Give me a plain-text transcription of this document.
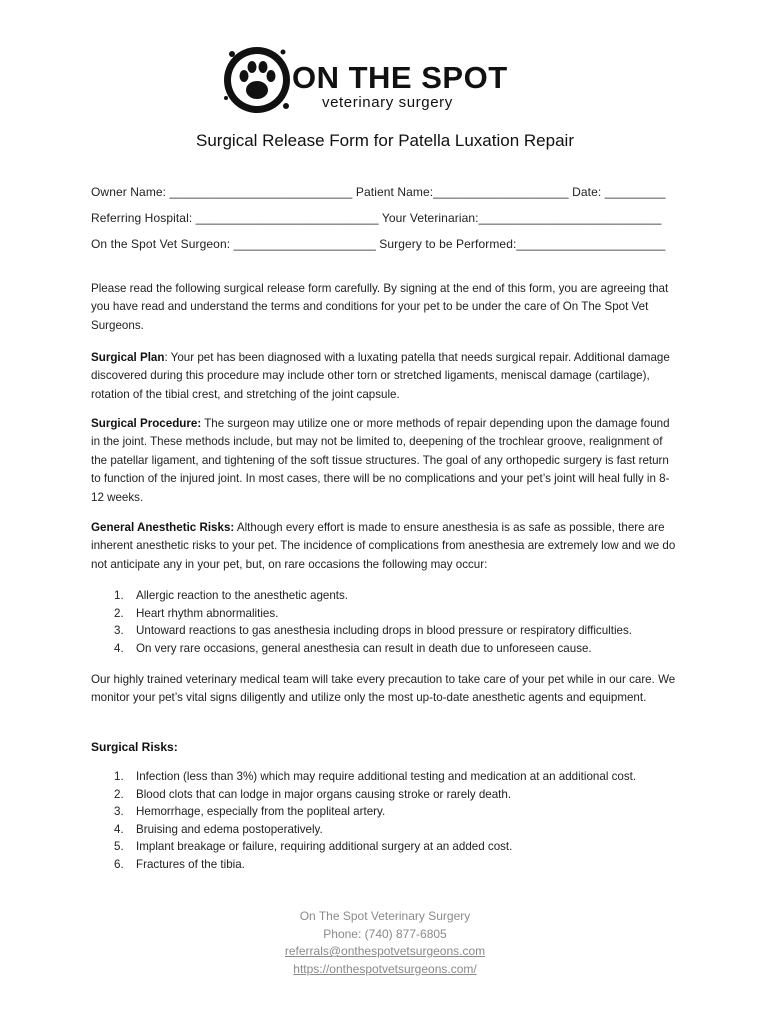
ON THE SPOT
veterinary surgery
Surgical Release Form for Patella Luxation Repair
Owner Name: ___________________________ Patient Name:____________________ Date: _________
Referring Hospital: ___________________________ Your Veterinarian:___________________________
On the Spot Vet Surgeon: _____________________ Surgery to be Performed:______________________

Please read the following surgical release form carefully. By signing at the end of this form, you are agreeing that you have read and understand the terms and conditions for your pet to be under the care of On The Spot Vet Surgeons.

Surgical Plan: Your pet has been diagnosed with a luxating patella that needs surgical repair. Additional damage discovered during this procedure may include other torn or stretched ligaments, meniscal damage (cartilage), rotation of the tibial crest, and stretching of the joint capsule.

Surgical Procedure: The surgeon may utilize one or more methods of repair depending upon the damage found in the joint. These methods include, but may not be limited to, deepening of the trochlear groove, realignment of the patellar ligament, and tightening of the soft tissue structures. The goal of any orthopedic surgery is fast return to function of the injured joint. In most cases, there will be no complications and your pet’s joint will heal fully in 8-12 weeks.

General Anesthetic Risks: Although every effort is made to ensure anesthesia is as safe as possible, there are inherent anesthetic risks to your pet. The incidence of complications from anesthesia are extremely low and we do not anticipate any in your pet, but, on rare occasions the following may occur:

1. Allergic reaction to the anesthetic agents.
2. Heart rhythm abnormalities.
3. Untoward reactions to gas anesthesia including drops in blood pressure or respiratory difficulties.
4. On very rare occasions, general anesthesia can result in death due to unforeseen cause.

Our highly trained veterinary medical team will take every precaution to take care of your pet while in our care. We monitor your pet’s vital signs diligently and utilize only the most up-to-date anesthetic agents and equipment.

Surgical Risks:
1. Infection (less than 3%) which may require additional testing and medication at an additional cost.
2. Blood clots that can lodge in major organs causing stroke or rarely death.
3. Hemorrhage, especially from the popliteal artery.
4. Bruising and edema postoperatively.
5. Implant breakage or failure, requiring additional surgery at an added cost.
6. Fractures of the tibia.
On The Spot Veterinary Surgery
Phone: (740) 877-6805
referrals@onthespotvetsurgeons.com
https://onthespotvetsurgeons.com/
